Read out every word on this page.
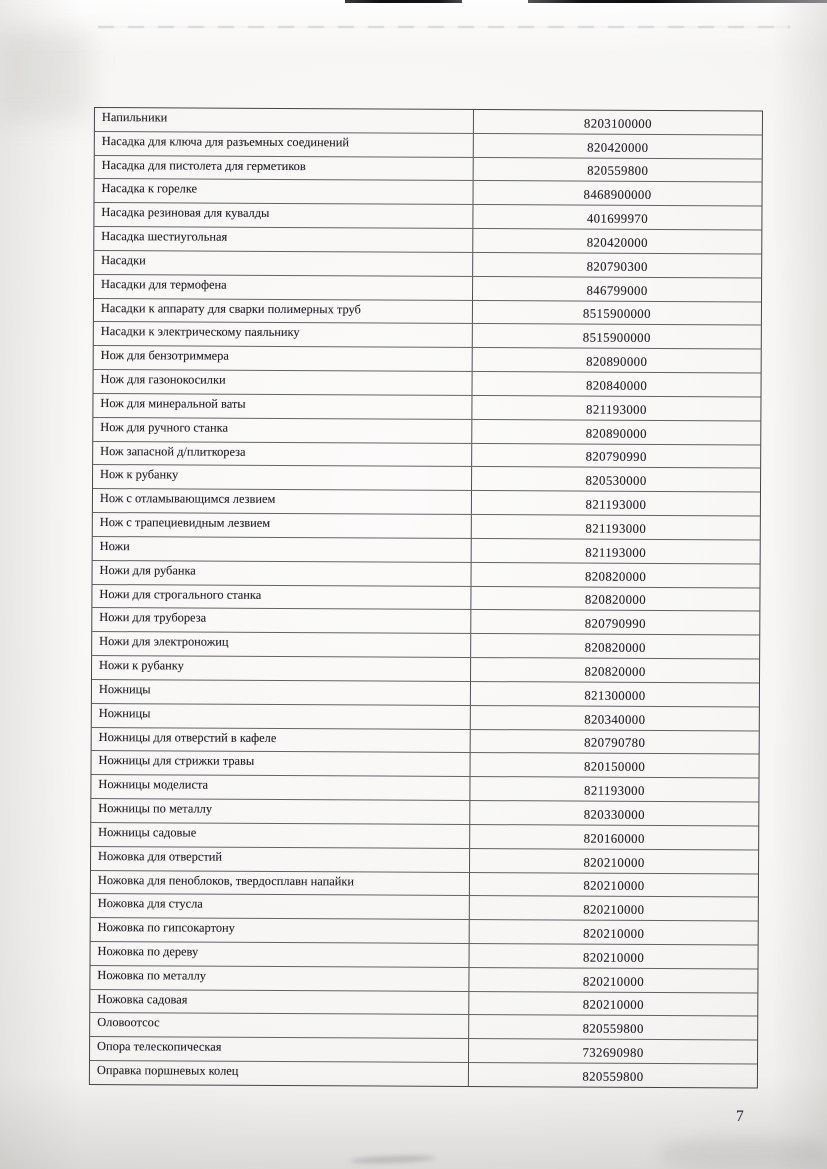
Напильники	8203100000
Насадка для ключа для разъемных соединений	820420000
Насадка для пистолета для герметиков	820559800
Насадка к горелке	8468900000
Насадка резиновая для кувалды	401699970
Насадка шестиугольная	820420000
Насадки	820790300
Насадки для термофена	846799000
Насадки к аппарату для сварки полимерных труб	8515900000
Насадки к электрическому паяльнику	8515900000
Нож для бензотриммера	820890000
Нож для газонокосилки	820840000
Нож для минеральной ваты	821193000
Нож для ручного станка	820890000
Нож запасной д/плиткореза	820790990
Нож к рубанку	820530000
Нож с отламывающимся лезвием	821193000
Нож с трапециевидным лезвием	821193000
Ножи	821193000
Ножи для рубанка	820820000
Ножи для строгального станка	820820000
Ножи для трубореза	820790990
Ножи для электроножиц	820820000
Ножи к рубанку	820820000
Ножницы	821300000
Ножницы	820340000
Ножницы для отверстий в кафеле	820790780
Ножницы для стрижки травы	820150000
Ножницы моделиста	821193000
Ножницы по металлу	820330000
Ножницы садовые	820160000
Ножовка для отверстий	820210000
Ножовка для пеноблоков, твердосплавн напайки	820210000
Ножовка для стусла	820210000
Ножовка по гипсокартону	820210000
Ножовка по дереву	820210000
Ножовка по металлу	820210000
Ножовка садовая	820210000
Оловоотсос	820559800
Опора телескопическая	732690980
Оправка поршневых колец	820559800
7
